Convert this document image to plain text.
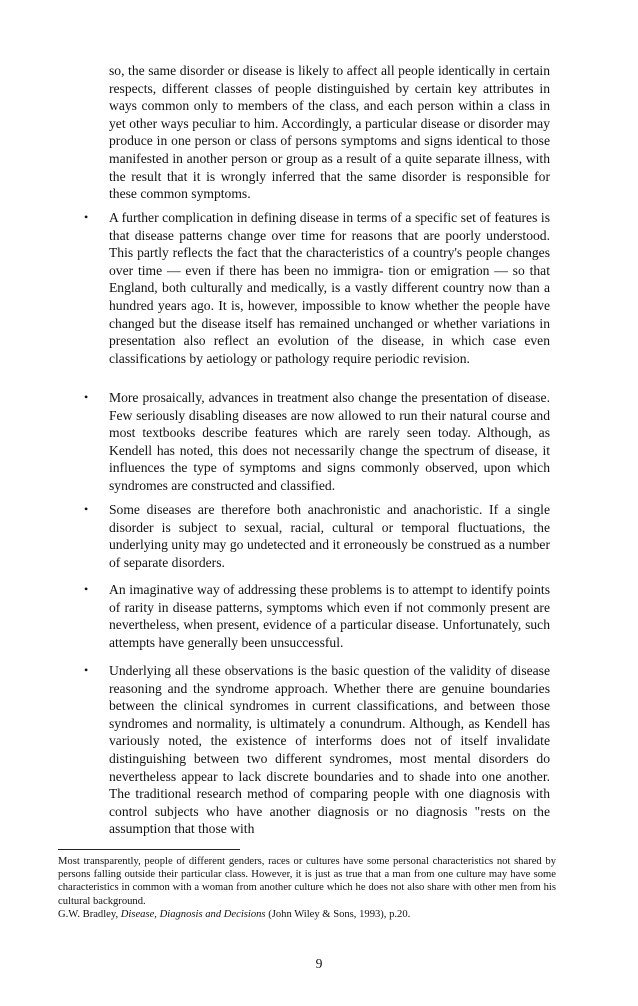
so, the same disorder or disease is likely to affect all people identically in certain respects, different classes of people distinguished by certain key attributes in ways common only to members of the class, and each person within a class in yet other ways peculiar to him. Accordingly, a particular disease or disorder may produce in one person or class of persons symptoms and signs identical to those manifested in another person or group as a result of a quite separate illness, with the result that it is wrongly inferred that the same disorder is responsible for these common symptoms.

• A further complication in defining disease in terms of a specific set of features is that disease patterns change over time for reasons that are poorly understood. This partly reflects the fact that the characteristics of a country's people changes over time — even if there has been no immigra- tion or emigration — so that England, both culturally and medically, is a vastly different country now than a hundred years ago. It is, however, impossible to know whether the people have changed but the disease itself has remained unchanged or whether variations in presentation also reflect an evolution of the disease, in which case even classifications by aetiology or pathology require periodic revision.

• More prosaically, advances in treatment also change the presentation of disease. Few seriously disabling diseases are now allowed to run their natural course and most textbooks describe features which are rarely seen today. Although, as Kendell has noted, this does not necessarily change the spectrum of disease, it influences the type of symptoms and signs commonly observed, upon which syndromes are constructed and classified.

• Some diseases are therefore both anachronistic and anachoristic. If a single disorder is subject to sexual, racial, cultural or temporal fluctuations, the underlying unity may go undetected and it erroneously be construed as a number of separate disorders.

• An imaginative way of addressing these problems is to attempt to identify points of rarity in disease patterns, symptoms which even if not commonly present are nevertheless, when present, evidence of a particular disease. Unfortunately, such attempts have generally been unsuccessful.

• Underlying all these observations is the basic question of the validity of disease reasoning and the syndrome approach. Whether there are genuine boundaries between the clinical syndromes in current classifications, and between those syndromes and normality, is ultimately a conundrum. Although, as Kendell has variously noted, the existence of interforms does not of itself invalidate distinguishing between two different syndromes, most mental disorders do nevertheless appear to lack discrete boundaries and to shade into one another. The traditional research method of comparing people with one diagnosis with control subjects who have another diagnosis or no diagnosis "rests on the assumption that those with

Most transparently, people of different genders, races or cultures have some personal characteristics not shared by persons falling outside their particular class. However, it is just as true that a man from one culture may have some characteristics in common with a woman from another culture which he does not also share with other men from his cultural background.

G.W. Bradley, Disease, Diagnosis and Decisions (John Wiley & Sons, 1993), p.20.

9
